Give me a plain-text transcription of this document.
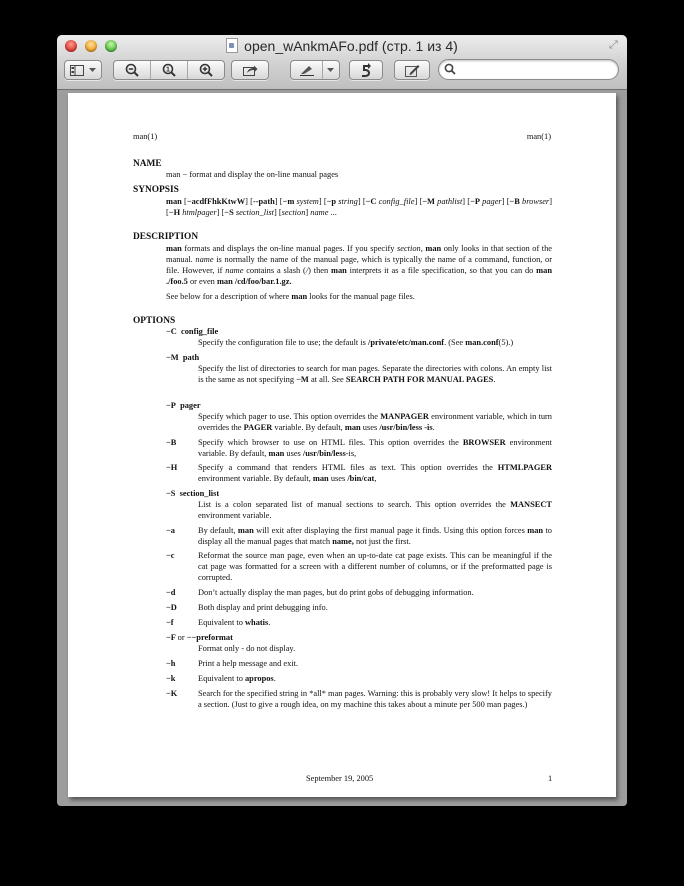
open_wAnkmAFo.pdf (стр. 1 из 4)	⤢
1
man(1)	man(1)
NAME
man − format and display the on-line manual pages
SYNOPSIS
man [−acdfFhkKtwW] [--path] [−m system] [−p string] [−C config_file] [−M pathlist] [−P pager] [−B browser] [−H htmlpager] [−S section_list] [section] name ...
DESCRIPTION
man formats and displays the on-line manual pages. If you specify section, man only looks in that section of the manual. name is normally the name of the manual page, which is typically the name of a command, function, or file. However, if name contains a slash (/) then man interprets it as a file specification, so that you can do man ./foo.5 or even man /cd/foo/bar.1.gz.
See below for a description of where man looks for the manual page files.
OPTIONS
−C  config_file
Specify the configuration file to use; the default is /private/etc/man.conf. (See man.conf(5).)
−M  path
Specify the list of directories to search for man pages. Separate the directories with colons. An empty list is the same as not specifying −M at all. See SEARCH PATH FOR MANUAL PAGES.
−P  pager
Specify which pager to use. This option overrides the MANPAGER environment variable, which in turn overrides the PAGER variable. By default, man uses /usr/bin/less -is.
−B	Specify which browser to use on HTML files. This option overrides the BROWSER environment variable. By default, man uses /usr/bin/less-is,
−H Specify a command that renders HTML files as text. This option overrides the HTMLPAGER environment variable. By default, man uses /bin/cat,
−S  section_list
List is a colon separated list of manual sections to search. This option overrides the MANSECT environment variable.
−a	By default, man will exit after displaying the first manual page it finds. Using this option forces man to display all the manual pages that match name, not just the first.
−c	Reformat the source man page, even when an up-to-date cat page exists. This can be meaningful if the cat page was formatted for a screen with a different number of columns, or if the preformatted page is corrupted.
−d	Don’t actually display the man pages, but do print gobs of debugging information.
−D	Both display and print debugging info.
−f	Equivalent to whatis.
−F or −−preformat
Format only - do not display.
−h	Print a help message and exit.
−k	Equivalent to apropos.
−K Search for the specified string in *all* man pages. Warning: this is probably very slow! It helps to specify a section. (Just to give a rough idea, on my machine this takes about a minute per 500 man pages.)
September 19, 2005	1
